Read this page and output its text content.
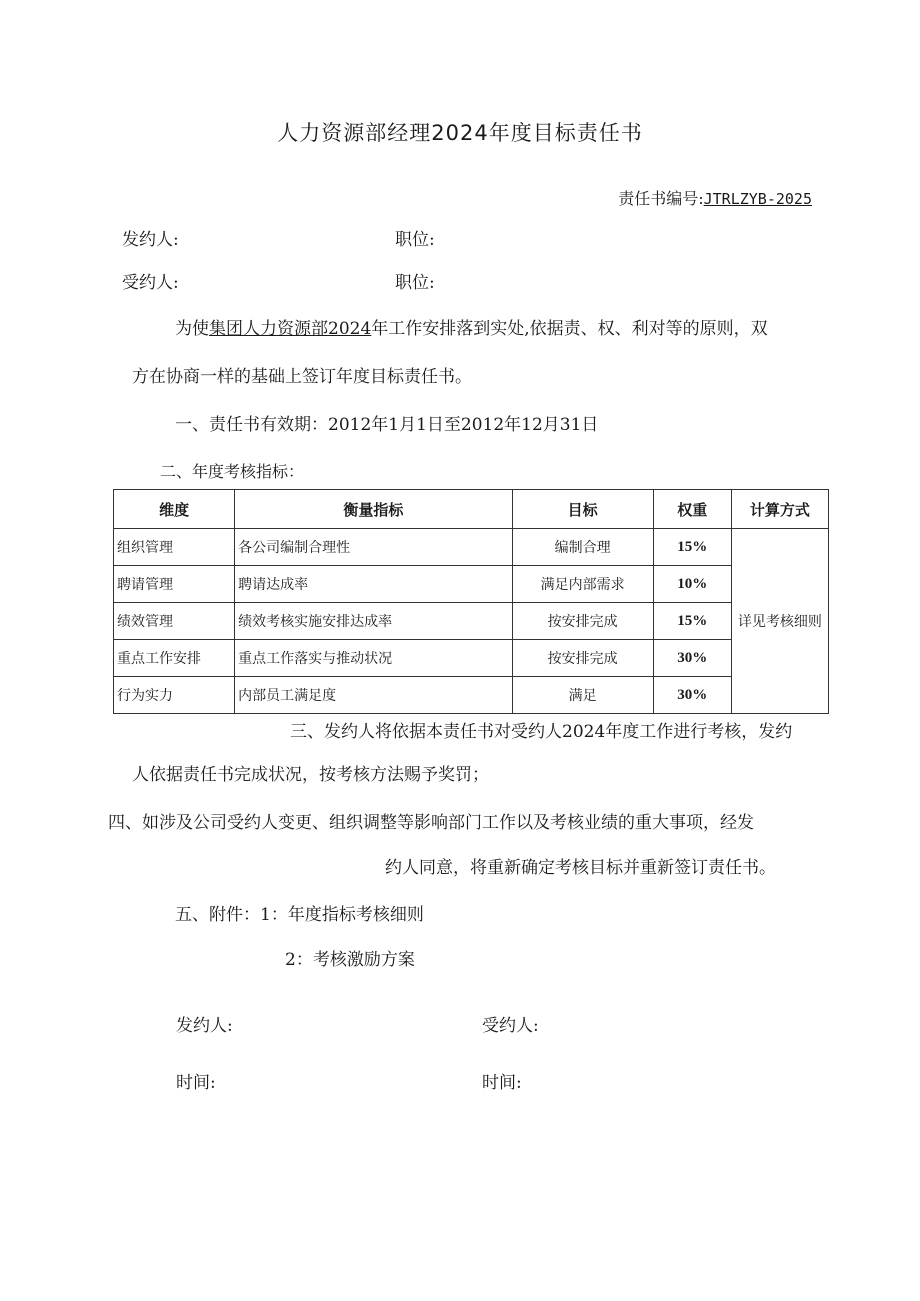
人力资源部经理2024年度目标责任书
责任书编号:JTRLZYB-2025
发约人:	职位:
受约人:	职位:
为使集团人力资源部2024年工作安排落到实处,依据责、权、利对等的原则，双
方在协商一样的基础上签订年度目标责任书。
一、责任书有效期：2012年1月1日至2012年12月31日
二、年度考核指标：
维度	衡量指标	目标	权重	计算方式
组织管理	各公司编制合理性	编制合理	15%	详见考核细则
聘请管理	聘请达成率	满足内部需求	10%	
绩效管理	绩效考核实施安排达成率	按安排完成	15%	
重点工作安排	重点工作落实与推动状况	按安排完成	30%	
行为实力	内部员工满足度	满足	30%	
三、发约人将依据本责任书对受约人2024年度工作进行考核，发约
人依据责任书完成状况，按考核方法赐予奖罚；
四、如涉及公司受约人变更、组织调整等影响部门工作以及考核业绩的重大事项，经发
约人同意，将重新确定考核目标并重新签订责任书。
五、附件：1：年度指标考核细则
2：考核激励方案
发约人:	受约人:
时间:	时间:
